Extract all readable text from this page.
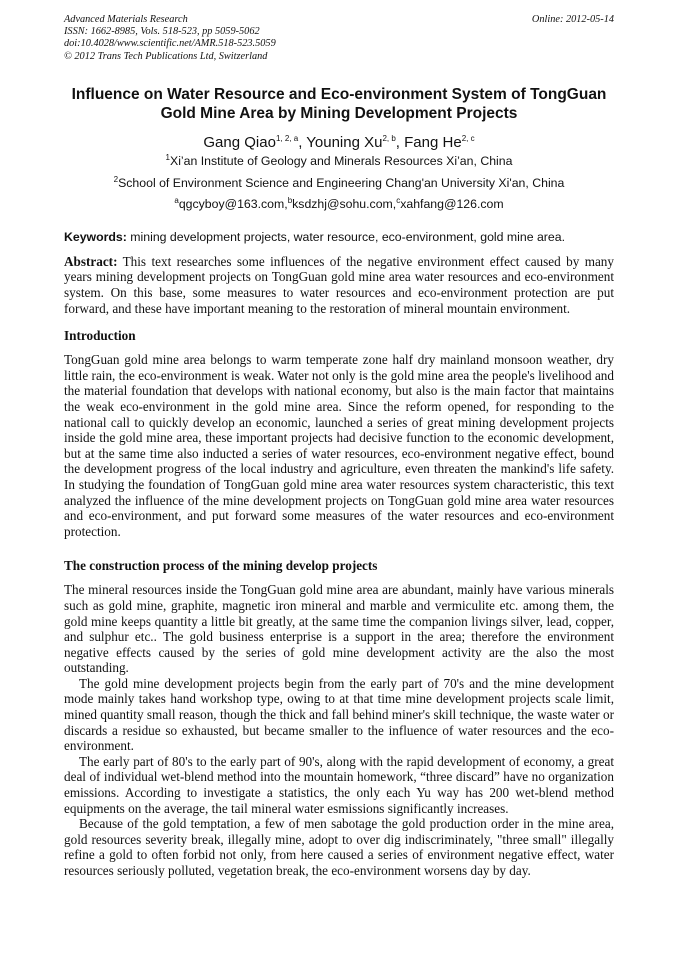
Advanced Materials Research	Online: 2012-05-14
ISSN: 1662-8985, Vols. 518-523, pp 5059-5062
doi:10.4028/www.scientific.net/AMR.518-523.5059
© 2012 Trans Tech Publications Ltd, Switzerland
Influence on Water Resource and Eco-environment System of TongGuan Gold Mine Area by Mining Development Projects
Gang Qiao$^{1, 2, a}$, Youning Xu$^{2, b}$, Fang He$^{2, c}$
$^1$Xi’an Institute of Geology and Minerals Resources Xi’an, China
$^2$School of Environment Science and Engineering Chang'an University Xi'an, China
$^a$qgcyboy@163.com,$^b$ksdzhj@sohu.com,$^c$xahfang@126.com
Keywords: mining development projects, water resource, eco-environment, gold mine area.
Abstract: This text researches some influences of the negative environment effect caused by many years mining development projects on TongGuan gold mine area water resources and eco-environment system. On this base, some measures to water resources and eco-environment protection are put forward, and these have important meaning to the restoration of mineral mountain environment.
Introduction
TongGuan gold mine area belongs to warm temperate zone half dry mainland monsoon weather, dry little rain, the eco-environment is weak. Water not only is the gold mine area the people's livelihood and the material foundation that develops with national economy, but also is the main factor that maintains the weak eco-environment in the gold mine area. Since the reform opened, for responding to the national call to quickly develop an economic, launched a series of great mining development projects inside the gold mine area, these important projects had decisive function to the economic development, but at the same time also inducted a series of water resources, eco-environment negative effect, bound the development progress of the local industry and agriculture, even threaten the mankind's life safety. In studying the foundation of TongGuan gold mine area water resources system characteristic, this text analyzed the influence of the mine development projects on TongGuan gold mine area water resources and eco-environment, and put forward some measures of the water resources and eco-environment protection.
The construction process of the mining develop projects
The mineral resources inside the TongGuan gold mine area are abundant, mainly have various minerals such as gold mine, graphite, magnetic iron mineral and marble and vermiculite etc. among them, the gold mine keeps quantity a little bit greatly, at the same time the companion livings silver, lead, copper, and sulphur etc.. The gold business enterprise is a support in the area; therefore the environment negative effects caused by the series of gold mine development activity are the also the most outstanding.
The gold mine development projects begin from the early part of 70's and the mine development mode mainly takes hand workshop type, owing to at that time mine development projects scale limit, mined quantity small reason, though the thick and fall behind miner's skill technique, the waste water or discards a residue so exhausted, but became smaller to the influence of water resources and the eco-environment.
The early part of 80's to the early part of 90's, along with the rapid development of economy, a great deal of individual wet-blend method into the mountain homework, “three discard” have no organization emissions. According to investigate a statistics, the only each Yu way has 200 wet-blend method equipments on the average, the tail mineral water esmissions significantly increases.
Because of the gold temptation, a few of men sabotage the gold production order in the mine area, gold resources severity break, illegally mine, adopt to over dig indiscriminately, "three small" illegally refine a gold to often forbid not only, from here caused a series of environment negative effect, water resources seriously polluted, vegetation break, the eco-environment worsens day by day.
